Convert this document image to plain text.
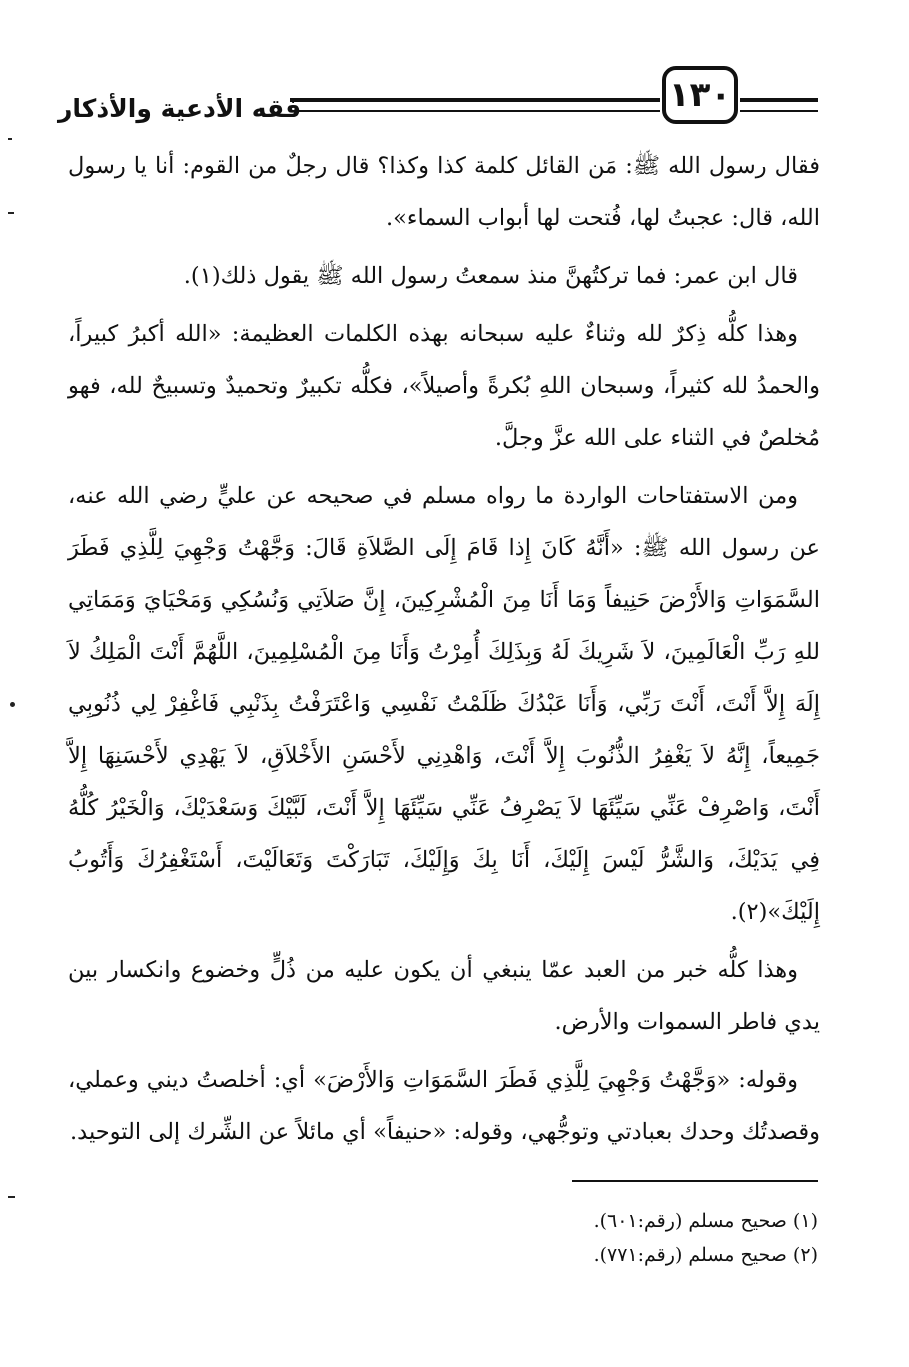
فقه الأدعية والأذكار	١٣٠

فقال رسول الله ﷺ: مَن القائل كلمة كذا وكذا؟ قال رجلٌ من القوم: أنا يا رسول الله، قال: عجبتُ لها، فُتحت لها أبواب السماء».

قال ابن عمر: فما تركتُهنَّ منذ سمعتُ رسول الله ﷺ يقول ذلك(١).

وهذا كلُّه ذِكرٌ لله وثناءٌ عليه سبحانه بهذه الكلمات العظيمة: «الله أكبرُ كبيراً، والحمدُ لله كثيراً، وسبحان اللهِ بُكرةً وأصيلاً»، فكلُّه تكبيرٌ وتحميدٌ وتسبيحٌ لله، فهو مُخلصٌ في الثناء على الله عزَّ وجلَّ.

ومن الاستفتاحات الواردة ما رواه مسلم في صحيحه عن عليٍّ رضي الله عنه، عن رسول الله ﷺ: «أَنَّهُ كَانَ إِذا قَامَ إِلَى الصَّلاَةِ قَالَ: وَجَّهْتُ وَجْهِيَ لِلَّذِي فَطَرَ السَّمَوَاتِ وَالأَرْضَ حَنِيفاً وَمَا أَنَا مِنَ الْمُشْرِكِينَ، إِنَّ صَلاَتِي وَنُسُكِي وَمَحْيَايَ وَمَمَاتِي للهِ رَبِّ الْعَالَمِينَ، لاَ شَرِيكَ لَهُ وَبِذَلِكَ أُمِرْتُ وَأَنَا مِنَ الْمُسْلِمِينَ، اللَّهُمَّ أَنْتَ الْمَلِكُ لاَ إِلَهَ إِلاَّ أَنْتَ، أَنْتَ رَبِّي، وَأَنَا عَبْدُكَ ظَلَمْتُ نَفْسِي وَاعْتَرَفْتُ بِذَنْبِي فَاغْفِرْ لِي ذُنُوبِي جَمِيعاً، إِنَّهُ لاَ يَغْفِرُ الذُّنُوبَ إِلاَّ أَنْتَ، وَاهْدِنِي لأَحْسَنِ الأَخْلاَقِ، لاَ يَهْدِي لأَحْسَنِهَا إِلاَّ أَنْتَ، وَاصْرِفْ عَنِّي سَيِّئَهَا لاَ يَصْرِفُ عَنِّي سَيِّئَهَا إِلاَّ أَنْتَ، لَبَّيْكَ وَسَعْدَيْكَ، وَالْخَيْرُ كُلُّهُ فِي يَدَيْكَ، وَالشَّرُّ لَيْسَ إِلَيْكَ، أَنَا بِكَ وَإِلَيْكَ، تَبَارَكْتَ وَتَعَالَيْتَ، أَسْتَغْفِرُكَ وَأَتُوبُ إِلَيْكَ»(٢).

وهذا كلُّه خبر من العبد عمّا ينبغي أن يكون عليه من ذُلٍّ وخضوع وانكسار بين يدي فاطر السموات والأرض.

وقوله: «وَجَّهْتُ وَجْهِيَ لِلَّذِي فَطَرَ السَّمَوَاتِ وَالأَرْضَ» أي: أخلصتُ ديني وعملي، وقصدتُك وحدك بعبادتي وتوجُّهي، وقوله: «حنيفاً» أي مائلاً عن الشِّرك إلى التوحيد.

(١) صحيح مسلم (رقم:٦٠١).
(٢) صحيح مسلم (رقم:٧٧١).
